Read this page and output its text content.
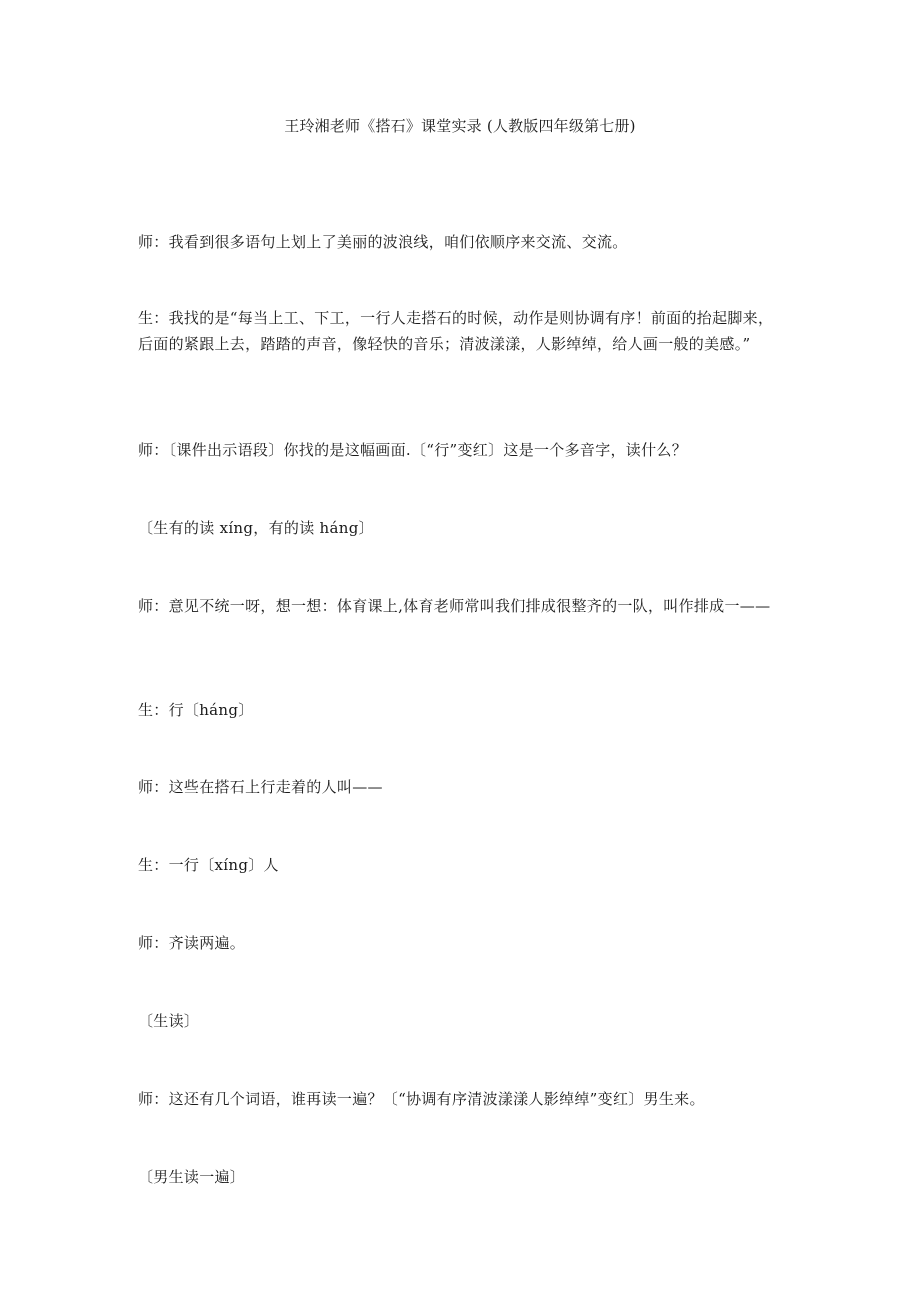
王玲湘老师《搭石》课堂实录 (人教版四年级第七册)

师：我看到很多语句上划上了美丽的波浪线，咱们依顺序来交流、交流。

生：我找的是“每当上工、下工，一行人走搭石的时候，动作是则协调有序！前面的抬起脚来，后面的紧跟上去，踏踏的声音，像轻快的音乐；清波漾漾，人影绰绰，给人画一般的美感。”

师：〔课件出示语段〕你找的是这幅画面.〔“行”变红〕这是一个多音字，读什么？

〔生有的读 xíng，有的读 háng〕

师：意见不统一呀，想一想：体育课上,体育老师常叫我们排成很整齐的一队，叫作排成一——

生：行〔háng〕

师：这些在搭石上行走着的人叫——

生：一行〔xíng〕人

师：齐读两遍。

〔生读〕

师：这还有几个词语，谁再读一遍？〔“协调有序清波漾漾人影绰绰”变红〕男生来。

〔男生读一遍〕
